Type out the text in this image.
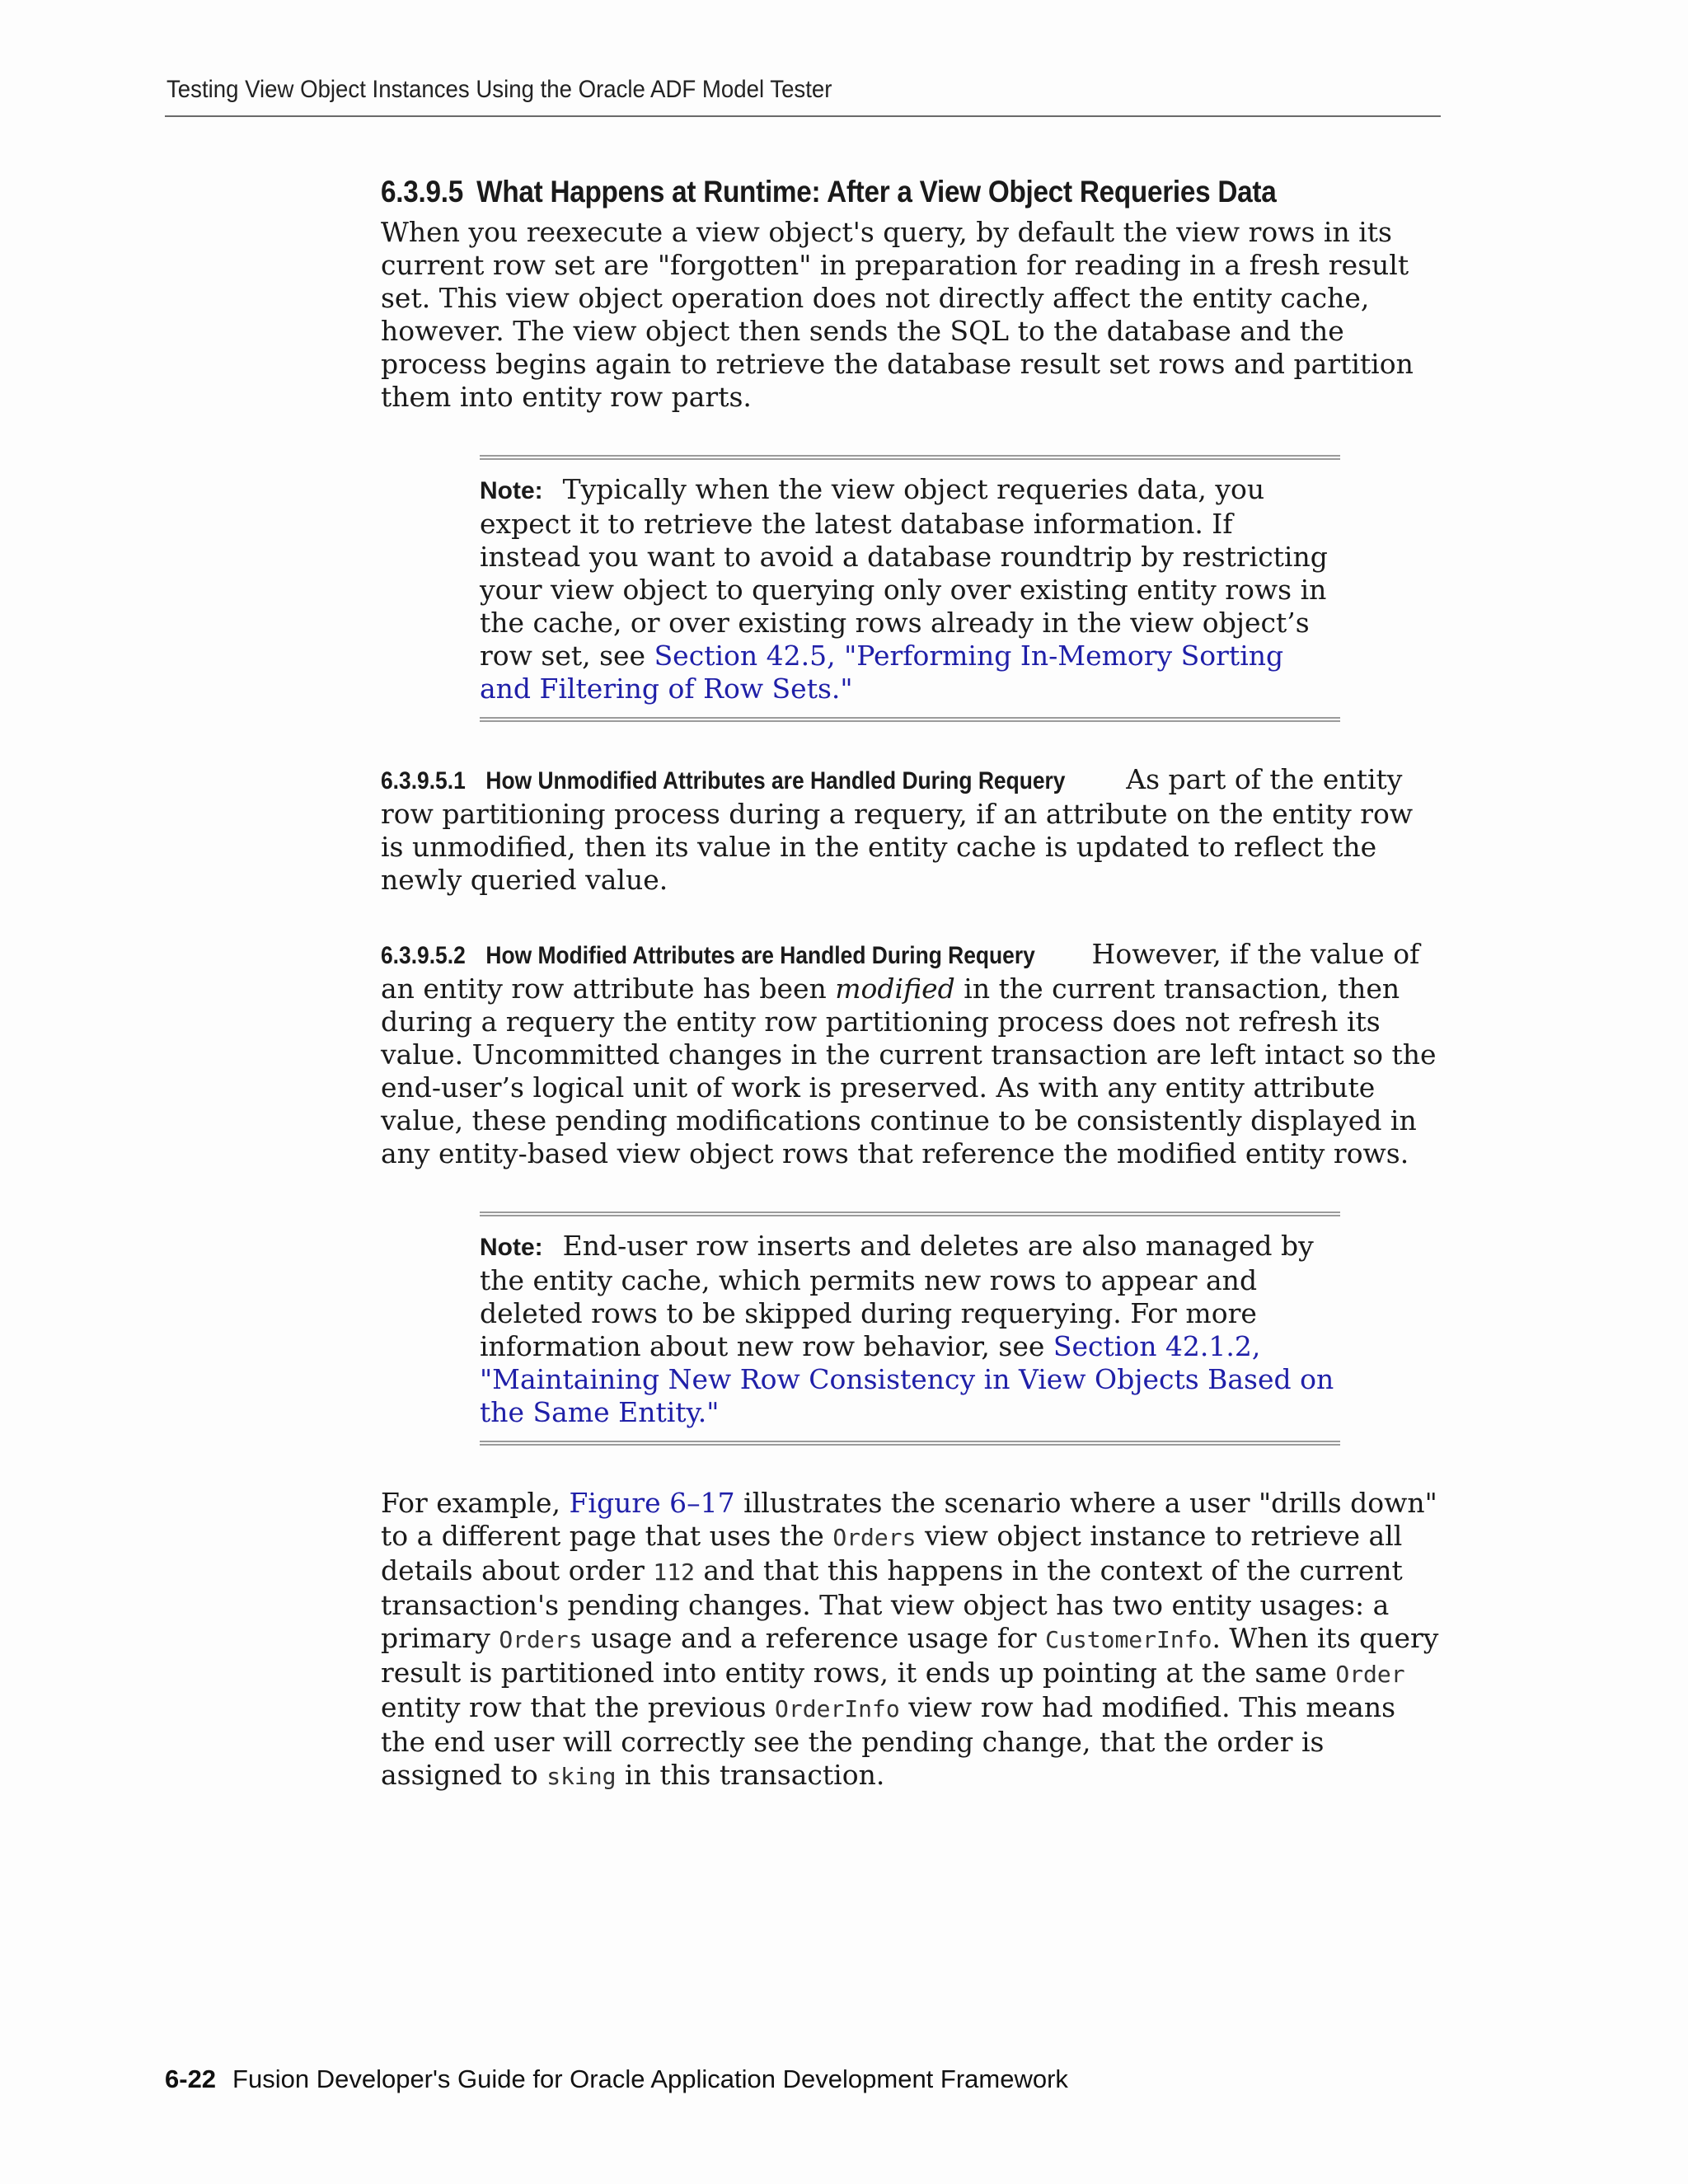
Testing View Object Instances Using the Oracle ADF Model Tester
6.3.9.5 What Happens at Runtime: After a View Object Requeries Data

When you reexecute a view object's query, by default the view rows in its current row set are "forgotten" in preparation for reading in a fresh result set. This view object operation does not directly affect the entity cache, however. The view object then sends the SQL to the database and the process begins again to retrieve the database result set rows and partition them into entity row parts.

Note: Typically when the view object requeries data, you expect it to retrieve the latest database information. If instead you want to avoid a database roundtrip by restricting your view object to querying only over existing entity rows in the cache, or over existing rows already in the view object’s row set, see Section 42.5, "Performing In-Memory Sorting and Filtering of Row Sets."

6.3.9.5.1 How Unmodified Attributes are Handled During Requery As part of the entity row partitioning process during a requery, if an attribute on the entity row is unmodified, then its value in the entity cache is updated to reflect the newly queried value.

6.3.9.5.2 How Modified Attributes are Handled During Requery However, if the value of an entity row attribute has been modified in the current transaction, then during a requery the entity row partitioning process does not refresh its value. Uncommitted changes in the current transaction are left intact so the end-user’s logical unit of work is preserved. As with any entity attribute value, these pending modifications continue to be consistently displayed in any entity-based view object rows that reference the modified entity rows.

Note: End-user row inserts and deletes are also managed by the entity cache, which permits new rows to appear and deleted rows to be skipped during requerying. For more information about new row behavior, see Section 42.1.2, "Maintaining New Row Consistency in View Objects Based on the Same Entity."

For example, Figure 6–17 illustrates the scenario where a user "drills down" to a different page that uses the Orders view object instance to retrieve all details about order 112 and that this happens in the context of the current transaction's pending changes. That view object has two entity usages: a primary Orders usage and a reference usage for CustomerInfo. When its query result is partitioned into entity rows, it ends up pointing at the same Order entity row that the previous OrderInfo view row had modified. This means the end user will correctly see the pending change, that the order is assigned to sking in this transaction.

6-22 Fusion Developer's Guide for Oracle Application Development Framework
